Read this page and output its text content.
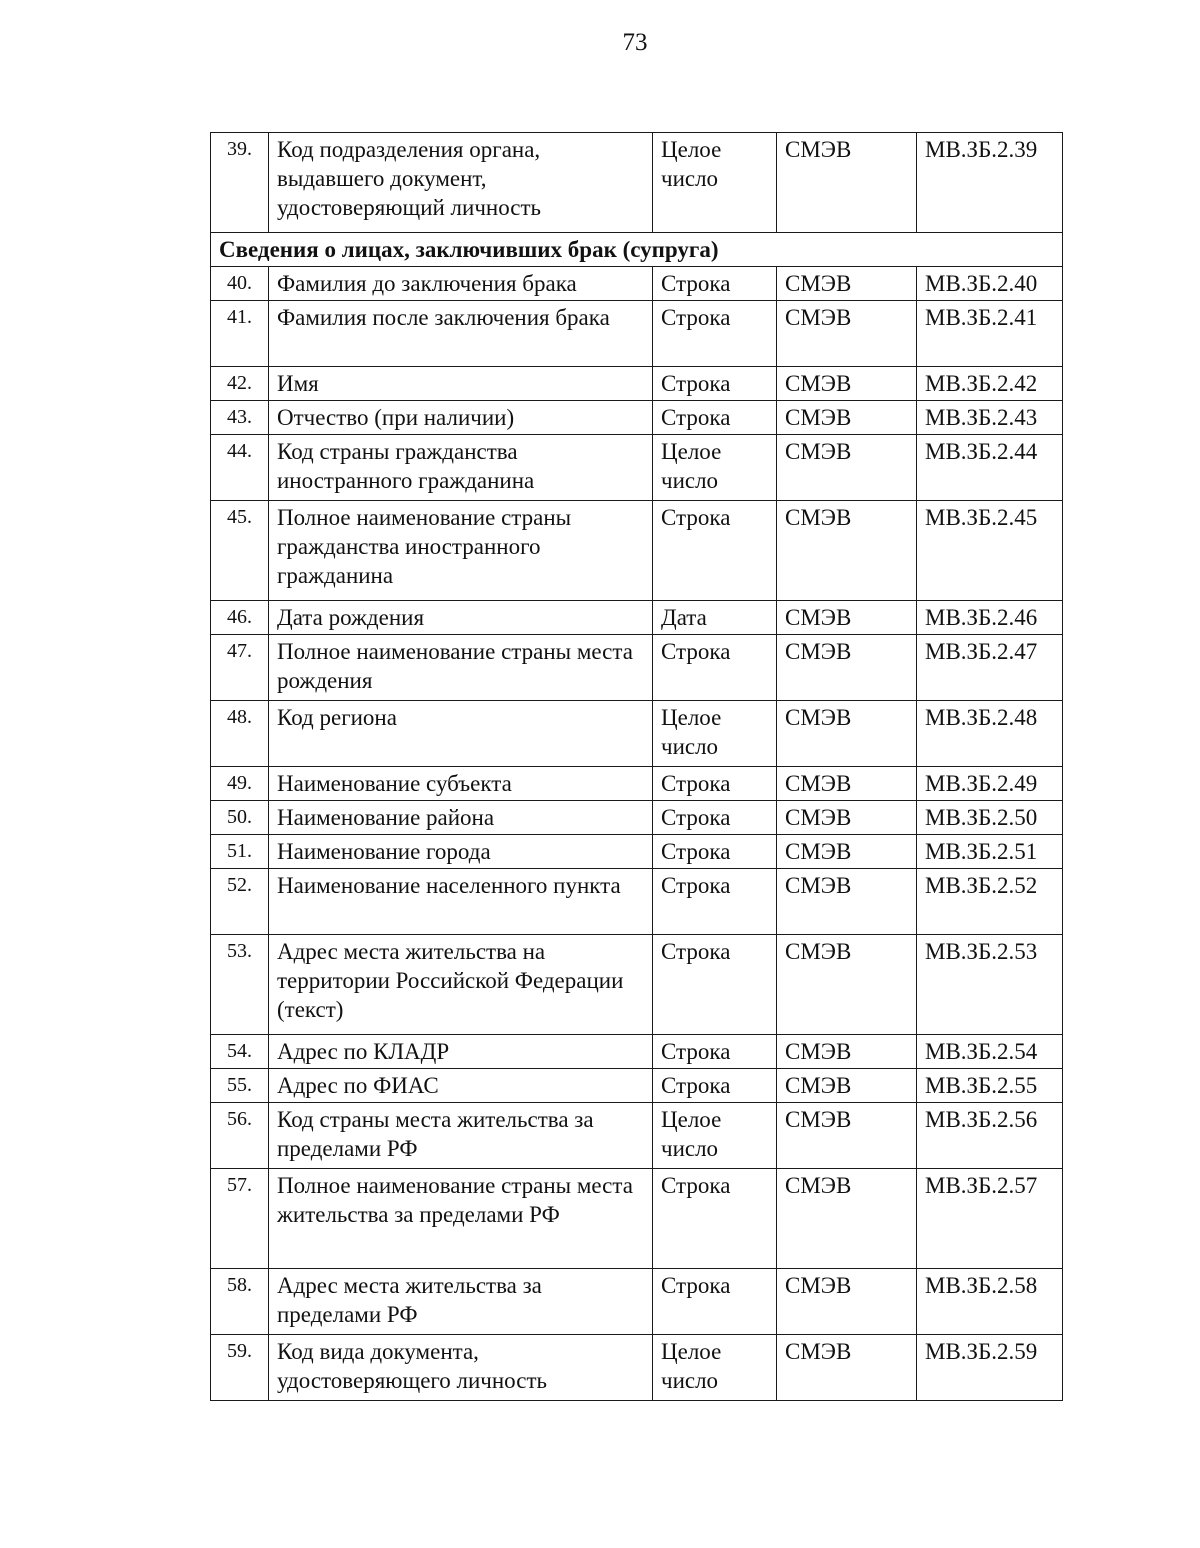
73
39.	Код подразделения органа, выдавшего документ, удостоверяющий личность	Целое число	СМЭВ	МВ.ЗБ.2.39
Сведения о лицах, заключивших брак (супруга)				
40.	Фамилия до заключения брака	Строка	СМЭВ	МВ.ЗБ.2.40
41.	Фамилия после заключения брака	Строка	СМЭВ	МВ.ЗБ.2.41
42.	Имя	Строка	СМЭВ	МВ.ЗБ.2.42
43.	Отчество (при наличии)	Строка	СМЭВ	МВ.ЗБ.2.43
44.	Код страны гражданства иностранного гражданина	Целое число	СМЭВ	МВ.ЗБ.2.44
45.	Полное наименование страны гражданства иностранного гражданина	Строка	СМЭВ	МВ.ЗБ.2.45
46.	Дата рождения	Дата	СМЭВ	МВ.ЗБ.2.46
47.	Полное наименование страны места рождения	Строка	СМЭВ	МВ.ЗБ.2.47
48.	Код региона	Целое число	СМЭВ	МВ.ЗБ.2.48
49.	Наименование субъекта	Строка	СМЭВ	МВ.ЗБ.2.49
50.	Наименование района	Строка	СМЭВ	МВ.ЗБ.2.50
51.	Наименование города	Строка	СМЭВ	МВ.ЗБ.2.51
52.	Наименование населенного пункта	Строка	СМЭВ	МВ.ЗБ.2.52
53.	Адрес места жительства на территории Российской Федерации (текст)	Строка	СМЭВ	МВ.ЗБ.2.53
54.	Адрес по КЛАДР	Строка	СМЭВ	МВ.ЗБ.2.54
55.	Адрес по ФИАС	Строка	СМЭВ	МВ.ЗБ.2.55
56.	Код страны места жительства за пределами РФ	Целое число	СМЭВ	МВ.ЗБ.2.56
57.	Полное наименование страны места жительства за пределами РФ	Строка	СМЭВ	МВ.ЗБ.2.57
58.	Адрес места жительства за пределами РФ	Строка	СМЭВ	МВ.ЗБ.2.58
59.	Код вида документа, удостоверяющего личность	Целое число	СМЭВ	МВ.ЗБ.2.59
